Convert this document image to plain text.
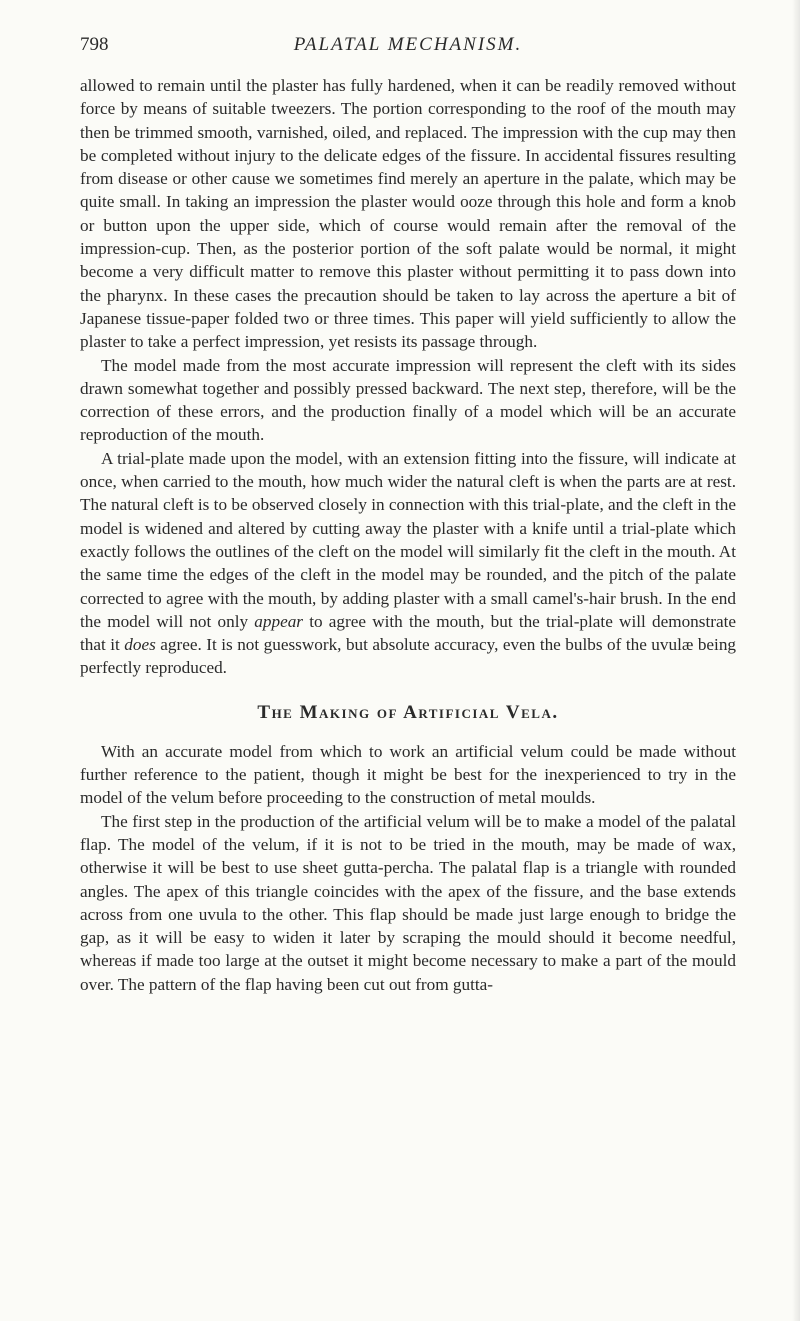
798	PALATAL MECHANISM.

allowed to remain until the plaster has fully hardened, when it can be readily removed without force by means of suitable tweezers. The portion corresponding to the roof of the mouth may then be trimmed smooth, varnished, oiled, and replaced. The impression with the cup may then be completed without injury to the delicate edges of the fissure. In accidental fissures resulting from disease or other cause we sometimes find merely an aperture in the palate, which may be quite small. In taking an impression the plaster would ooze through this hole and form a knob or button upon the upper side, which of course would remain after the removal of the impression-cup. Then, as the posterior portion of the soft palate would be normal, it might become a very difficult matter to remove this plaster without permitting it to pass down into the pharynx. In these cases the precaution should be taken to lay across the aperture a bit of Japanese tissue-paper folded two or three times. This paper will yield sufficiently to allow the plaster to take a perfect impression, yet resists its passage through.

The model made from the most accurate impression will represent the cleft with its sides drawn somewhat together and possibly pressed backward. The next step, therefore, will be the correction of these errors, and the production finally of a model which will be an accurate reproduction of the mouth.

A trial-plate made upon the model, with an extension fitting into the fissure, will indicate at once, when carried to the mouth, how much wider the natural cleft is when the parts are at rest. The natural cleft is to be observed closely in connection with this trial-plate, and the cleft in the model is widened and altered by cutting away the plaster with a knife until a trial-plate which exactly follows the outlines of the cleft on the model will similarly fit the cleft in the mouth. At the same time the edges of the cleft in the model may be rounded, and the pitch of the palate corrected to agree with the mouth, by adding plaster with a small camel's-hair brush. In the end the model will not only appear to agree with the mouth, but the trial-plate will demonstrate that it does agree. It is not guesswork, but absolute accuracy, even the bulbs of the uvulæ being perfectly reproduced.

The Making of Artificial Vela.

With an accurate model from which to work an artificial velum could be made without further reference to the patient, though it might be best for the inexperienced to try in the model of the velum before proceeding to the construction of metal moulds.

The first step in the production of the artificial velum will be to make a model of the palatal flap. The model of the velum, if it is not to be tried in the mouth, may be made of wax, otherwise it will be best to use sheet gutta-percha. The palatal flap is a triangle with rounded angles. The apex of this triangle coincides with the apex of the fissure, and the base extends across from one uvula to the other. This flap should be made just large enough to bridge the gap, as it will be easy to widen it later by scraping the mould should it become needful, whereas if made too large at the outset it might become necessary to make a part of the mould over. The pattern of the flap having been cut out from gutta-
